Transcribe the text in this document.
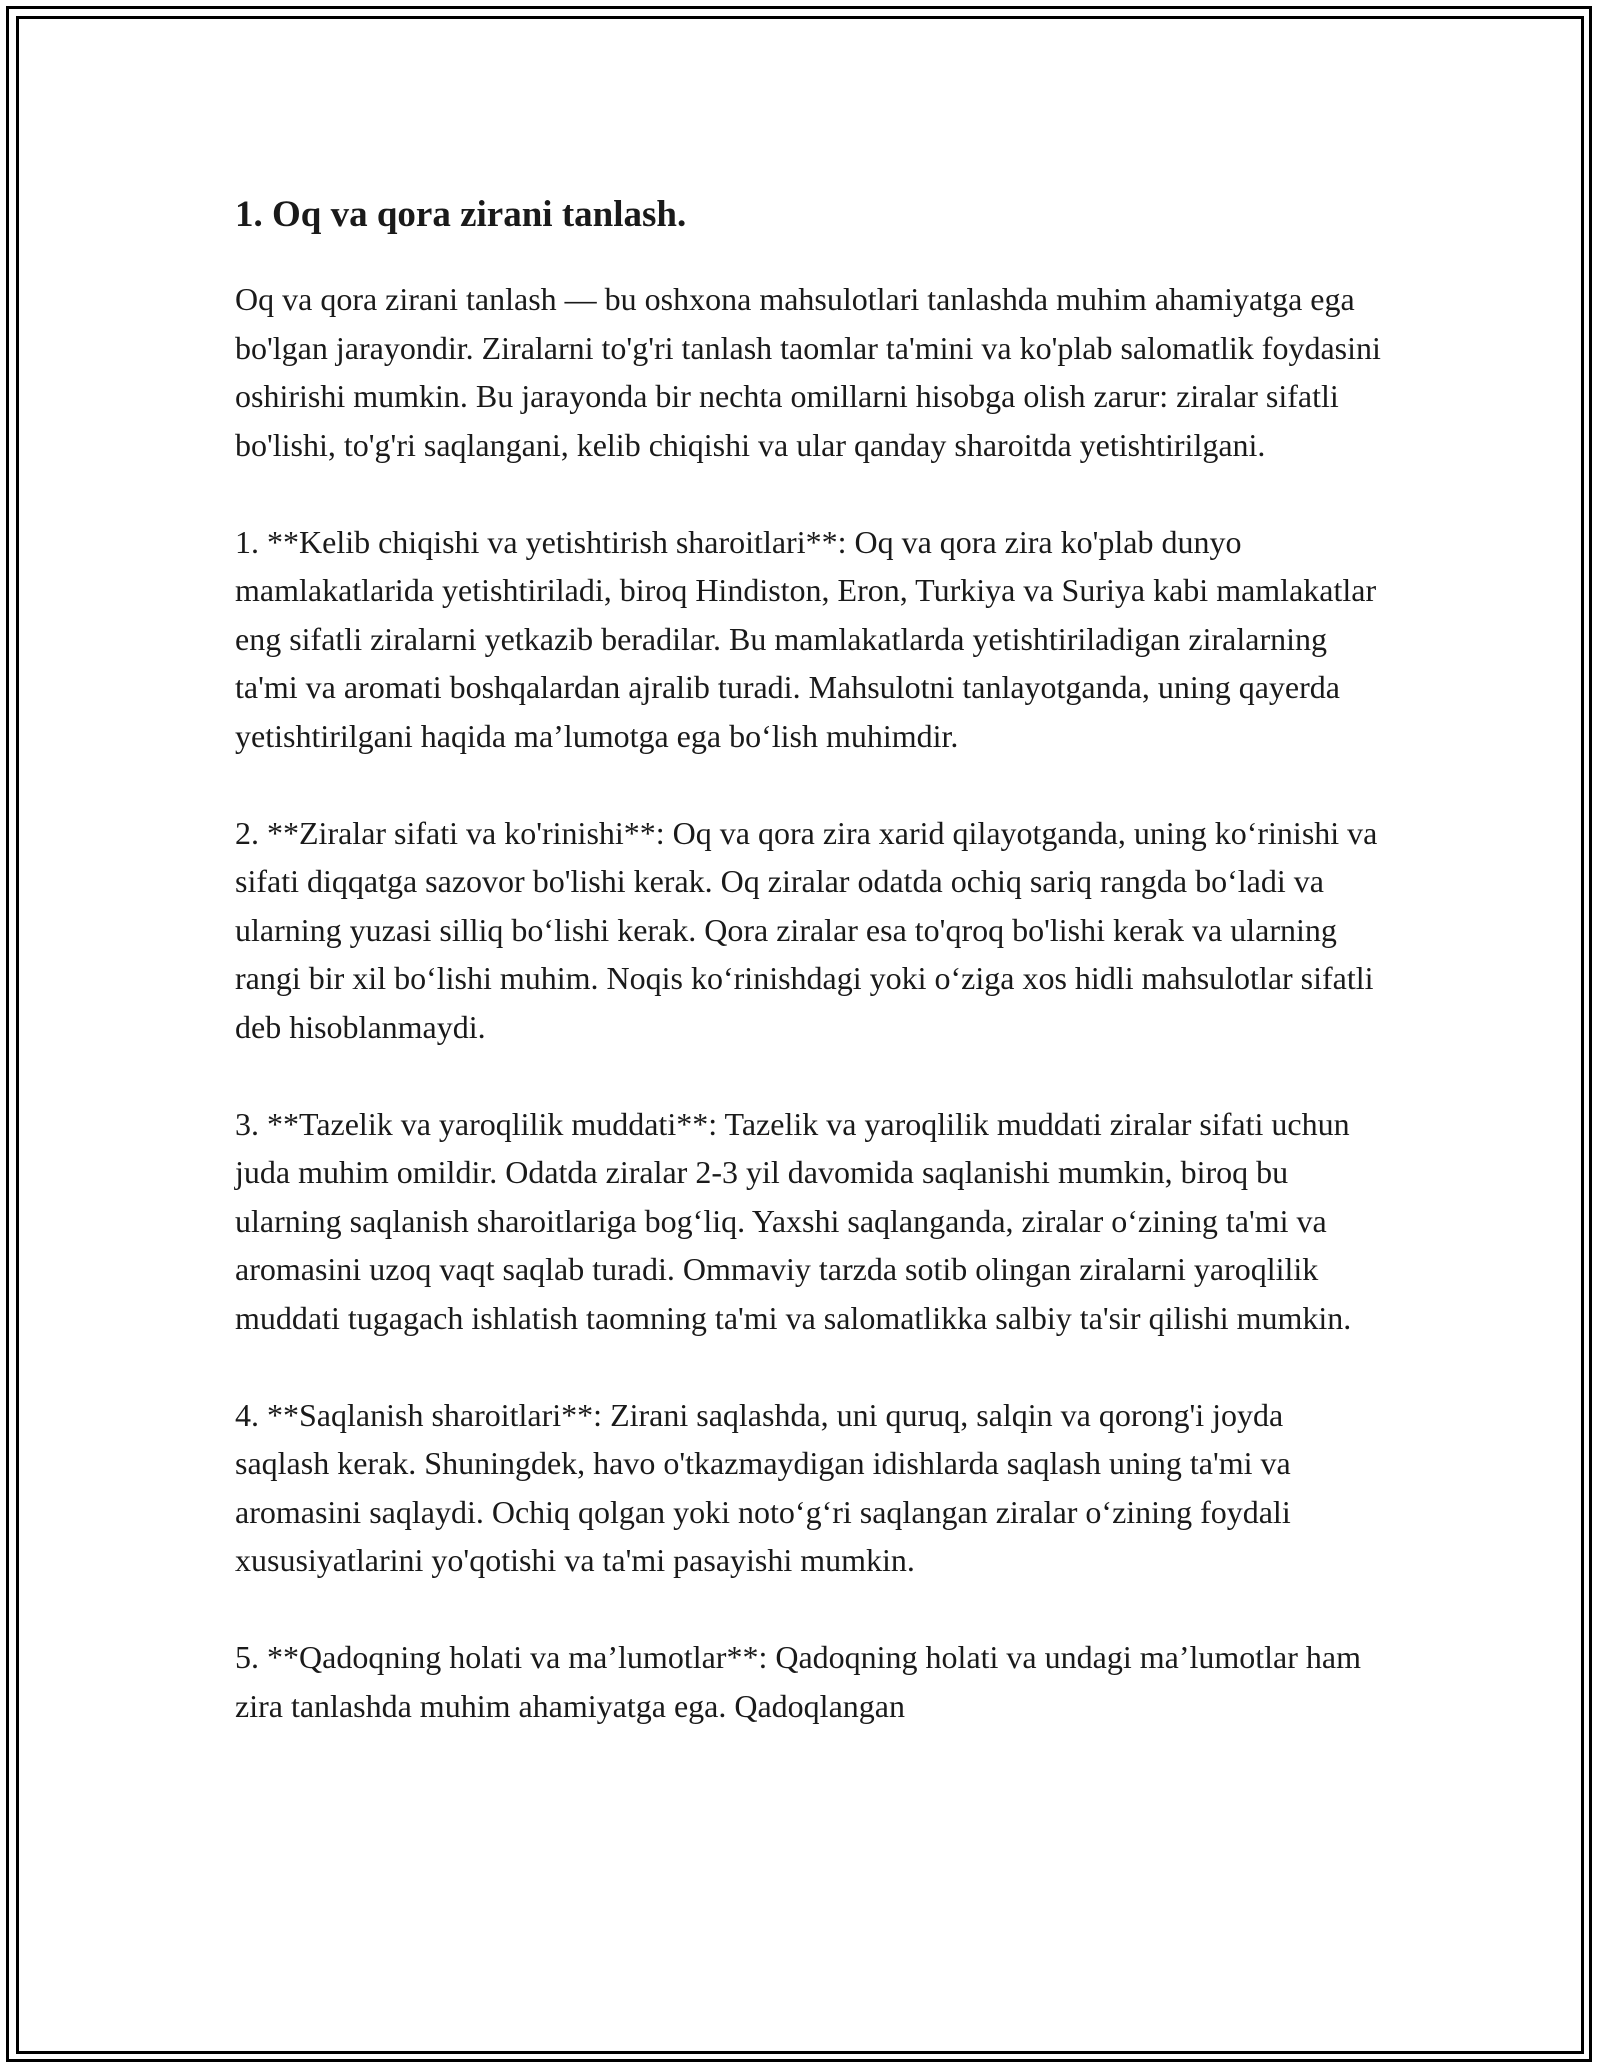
1. Oq va qora zirani tanlash.

Oq va qora zirani tanlash — bu oshxona mahsulotlari tanlashda muhim ahamiyatga ega bo'lgan jarayondir. Ziralarni to'g'ri tanlash taomlar ta'mini va ko'plab salomatlik foydasini oshirishi mumkin. Bu jarayonda bir nechta omillarni hisobga olish zarur: ziralar sifatli bo'lishi, to'g'ri saqlangani, kelib chiqishi va ular qanday sharoitda yetishtirilgani.

1. **Kelib chiqishi va yetishtirish sharoitlari**: Oq va qora zira ko'plab dunyo mamlakatlarida yetishtiriladi, biroq Hindiston, Eron, Turkiya va Suriya kabi mamlakatlar eng sifatli ziralarni yetkazib beradilar. Bu mamlakatlarda yetishtiriladigan ziralarning ta'mi va aromati boshqalardan ajralib turadi. Mahsulotni tanlayotganda, uning qayerda yetishtirilgani haqida ma’lumotga ega bo‘lish muhimdir.

2. **Ziralar sifati va ko'rinishi**: Oq va qora zira xarid qilayotganda, uning ko‘rinishi va sifati diqqatga sazovor bo'lishi kerak. Oq ziralar odatda ochiq sariq rangda bo‘ladi va ularning yuzasi silliq bo‘lishi kerak. Qora ziralar esa to'qroq bo'lishi kerak va ularning rangi bir xil bo‘lishi muhim. Noqis ko‘rinishdagi yoki o‘ziga xos hidli mahsulotlar sifatli deb hisoblanmaydi.

3. **Tazelik va yaroqlilik muddati**: Tazelik va yaroqlilik muddati ziralar sifati uchun juda muhim omildir. Odatda ziralar 2-3 yil davomida saqlanishi mumkin, biroq bu ularning saqlanish sharoitlariga bog‘liq. Yaxshi saqlanganda, ziralar o‘zining ta'mi va aromasini uzoq vaqt saqlab turadi. Ommaviy tarzda sotib olingan ziralarni yaroqlilik muddati tugagach ishlatish taomning ta'mi va salomatlikka salbiy ta'sir qilishi mumkin.

4. **Saqlanish sharoitlari**: Zirani saqlashda, uni quruq, salqin va qorong'i joyda saqlash kerak. Shuningdek, havo o'tkazmaydigan idishlarda saqlash uning ta'mi va aromasini saqlaydi. Ochiq qolgan yoki noto‘g‘ri saqlangan ziralar o‘zining foydali xususiyatlarini yo'qotishi va ta'mi pasayishi mumkin.

5. **Qadoqning holati va ma’lumotlar**: Qadoqning holati va undagi ma’lumotlar ham zira tanlashda muhim ahamiyatga ega. Qadoqlangan
